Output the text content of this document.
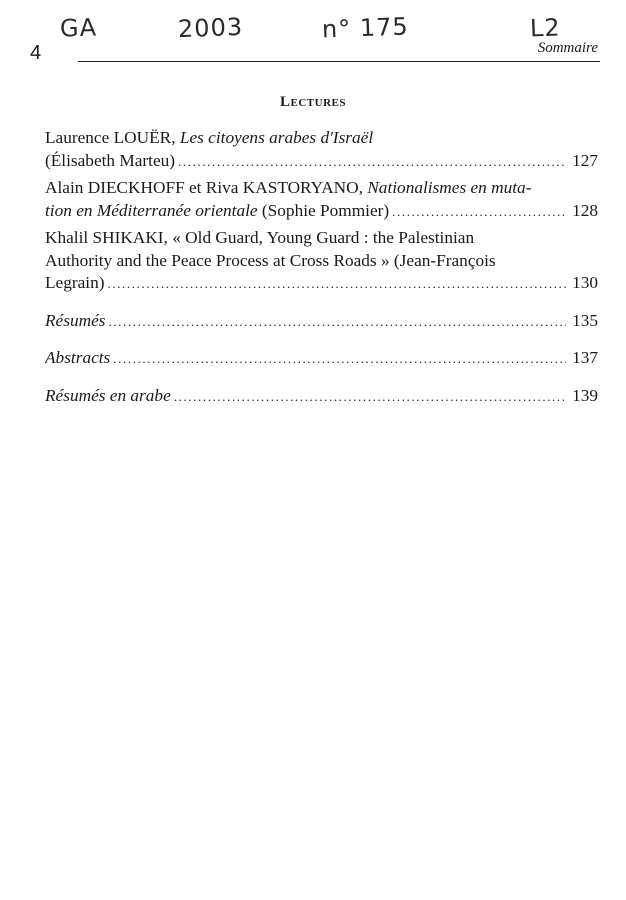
GA	2003	n° 175	L2
4	Sommaire
Lectures
Laurence LOUËR, Les citoyens arabes d'Israël
(Élisabeth Marteu) .....	127
Alain DIECKHOFF et Riva KASTORYANO, Nationalismes en muta-
tion en Méditerranée orientale (Sophie Pommier) .....	128
Khalil SHIKAKI, « Old Guard, Young Guard : the Palestinian
Authority and the Peace Process at Cross Roads » (Jean-François
Legrain) .....	130
Résumés .....	135
Abstracts .....	137
Résumés en arabe .....	139
